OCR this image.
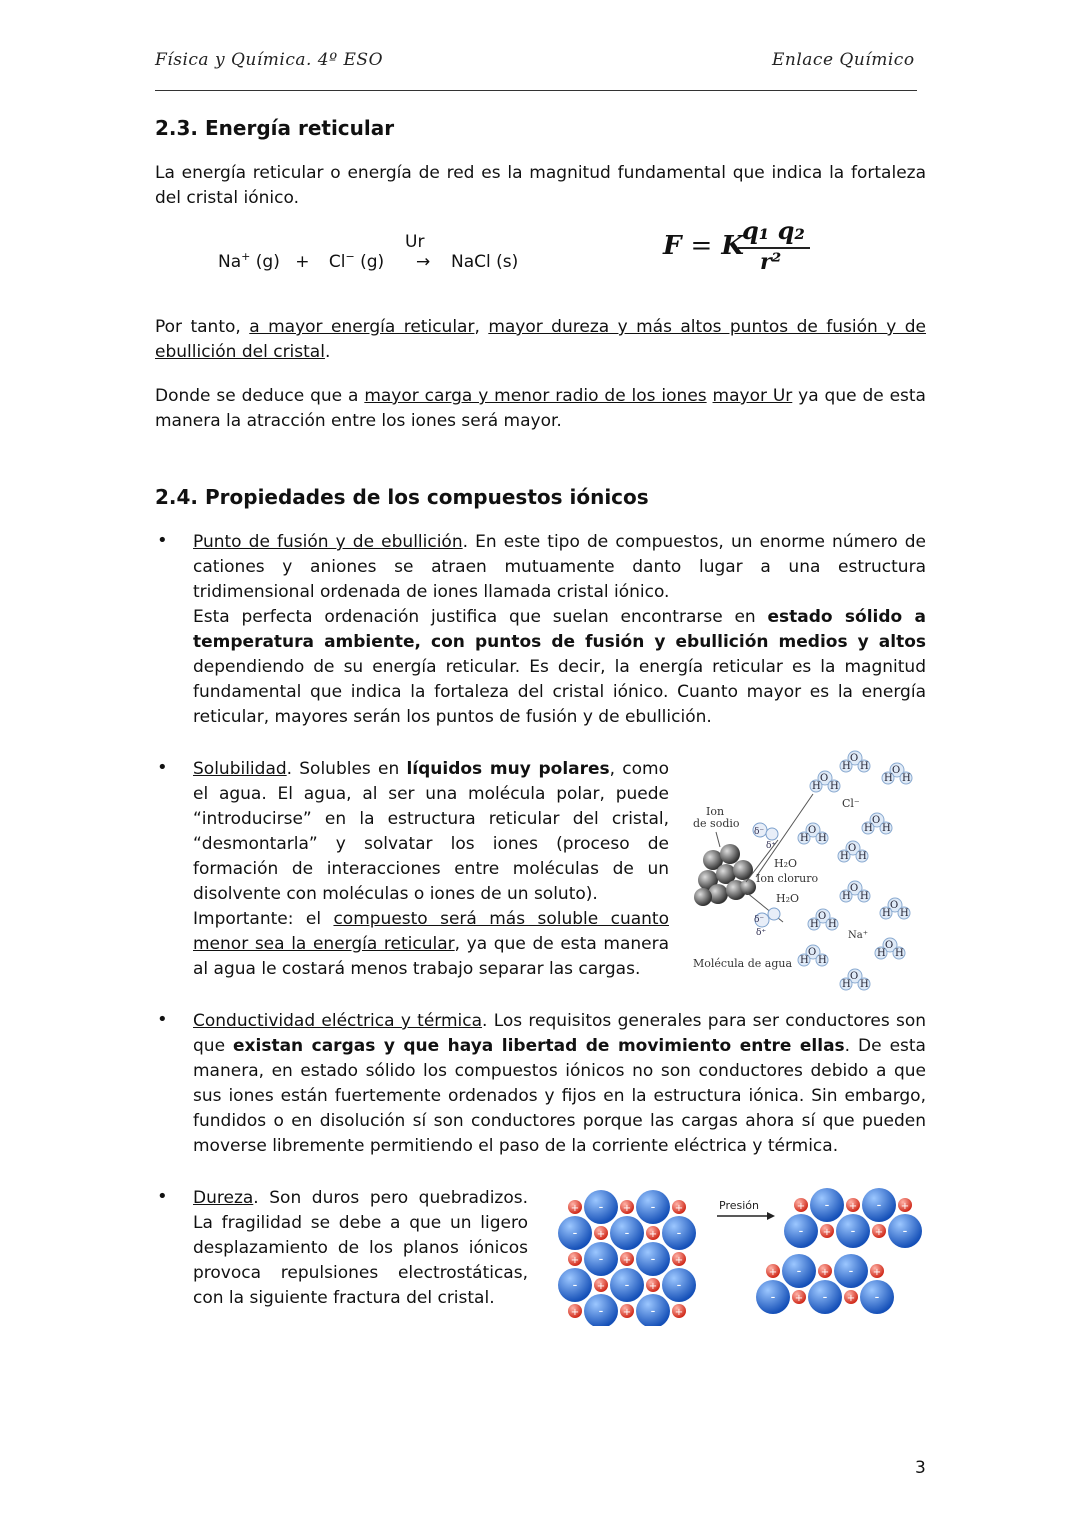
Física y Química. 4º ESO	Enlace Químico
2.3. Energía reticular
La energía reticular o energía de red es la magnitud fundamental que indica la fortaleza del cristal iónico.
Na+ (g) + Cl− (g)
Ur
→ NaCl (s)
F = K
q₁ q₂
r²
Por tanto, a mayor energía reticular, mayor dureza y más altos puntos de fusión y de ebullición del cristal.
Donde se deduce que a mayor carga y menor radio de los iones mayor Ur ya que de esta manera la atracción entre los iones será mayor.
2.4. Propiedades de los compuestos iónicos
• Punto de fusión y de ebullición. En este tipo de compuestos, un enorme número de cationes y aniones se atraen mutuamente danto lugar a una estructura tridimensional ordenada de iones llamada cristal iónico.
Esta perfecta ordenación justifica que suelan encontrarse en estado sólido a temperatura ambiente, con puntos de fusión y ebullición medios y altos dependiendo de su energía reticular. Es decir, la energía reticular es la magnitud fundamental que indica la fortaleza del cristal iónico. Cuanto mayor es la energía reticular, mayores serán los puntos de fusión y de ebullición.
• Solubilidad. Solubles en líquidos muy polares, como el agua. El agua, al ser una molécula polar, puede “introducirse” en la estructura reticular del cristal, “desmontarla” y solvatar los iones (proceso de formación de interacciones entre moléculas de un disolvente con moléculas o iones de un soluto).
Importante: el compuesto será más soluble cuanto menor sea la energía reticular, ya que de esta manera al agua le costará menos trabajo separar las cargas.
Ion
de sodio
Ion cloruro
H₂O
H₂O
Molécula de agua
δ⁻
δ⁺
δ⁻
δ⁺
Cl⁻
Na⁺
O
H H
O
H H O
H H
O
H H
O
H H
O
H H
O
H H
O
H H
O
H H
O
H H
O
H H
O
H H
• Conductividad eléctrica y térmica. Los requisitos generales para ser conductores son que existan cargas y que haya libertad de movimiento entre ellas. De esta manera, en estado sólido los compuestos iónicos no son conductores debido a que sus iones están fuertemente ordenados y fijos en la estructura iónica. Sin embargo, fundidos o en disolución sí son conductores porque las cargas ahora sí que pueden moverse libremente permitiendo el paso de la corriente eléctrica y térmica.
• Dureza. Son duros pero quebradizos. La fragilidad se debe a que un ligero desplazamiento de los planos iónicos provoca repulsiones electrostáticas, con la siguiente fractura del cristal.
+ - + - +
- + - + -
+ - + - +
- + - + -
+ - + - +
+ - + - +
- + - + -
+ - + - +
- + - + -
Presión
3
